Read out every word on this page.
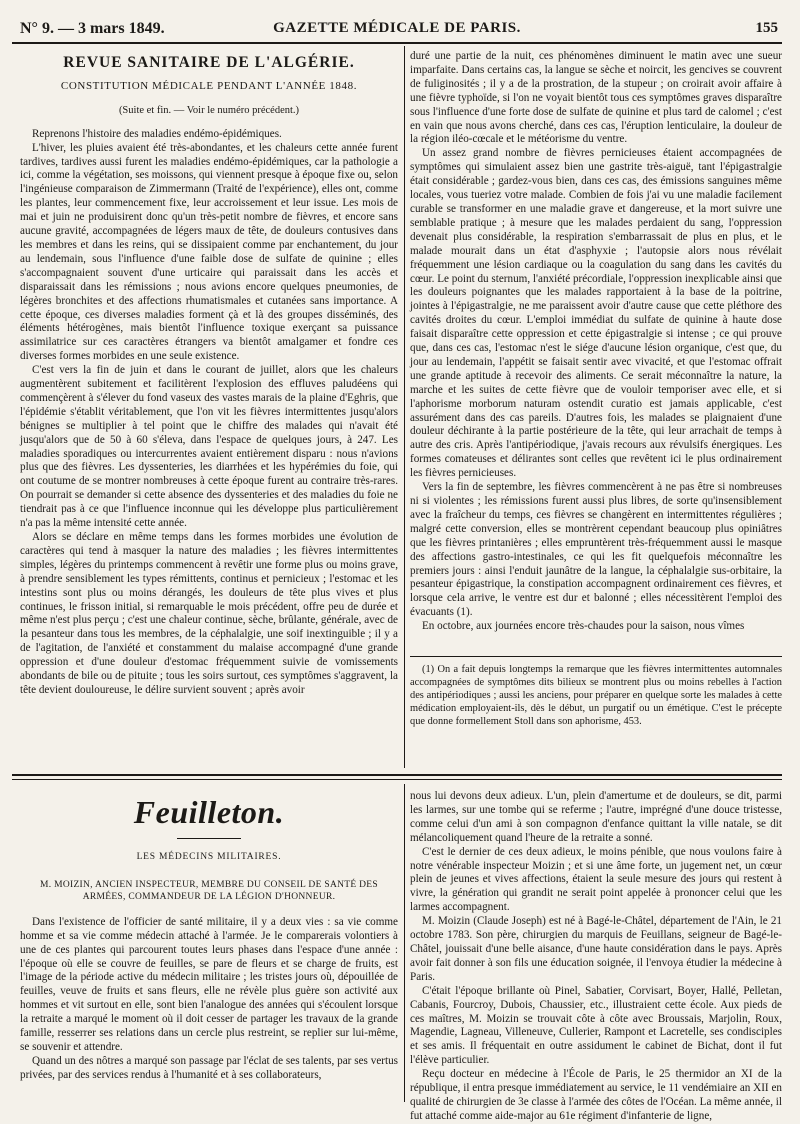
N° 9. — 3 mars 1849.	GAZETTE MÉDICALE DE PARIS.	155
REVUE SANITAIRE DE L'ALGÉRIE.
CONSTITUTION MÉDICALE PENDANT L'ANNÉE 1848.
(Suite et fin. — Voir le numéro précédent.)

Reprenons l'histoire des maladies endémo-épidémiques.

L'hiver, les pluies avaient été très-abondantes, et les chaleurs cette année furent tardives, tardives aussi furent les maladies endémo-épidémiques, car la pathologie a ici, comme la végétation, ses moissons, qui viennent presque à époque fixe ou, selon l'ingénieuse comparaison de Zimmermann (Traité de l'expérience), elles ont, comme les plantes, leur commencement fixe, leur accroissement et leur issue. Les mois de mai et juin ne produisirent donc qu'un très-petit nombre de fièvres, et encore sans aucune gravité, accompagnées de légers maux de tête, de douleurs contusives dans les membres et dans les reins, qui se dissipaient comme par enchantement, du jour au lendemain, sous l'influence d'une faible dose de sulfate de quinine ; elles s'accompagnaient souvent d'une urticaire qui paraissait dans les accès et disparaissait dans les rémissions ; nous avions encore quelques pneumonies, de légères bronchites et des affections rhumatismales et cutanées sans importance. A cette époque, ces diverses maladies forment çà et là des groupes disséminés, des éléments hétérogènes, mais bientôt l'influence toxique exerçant sa puissance assimilatrice sur ces caractères étrangers va bientôt amalgamer et fondre ces diverses formes morbides en une seule existence.

C'est vers la fin de juin et dans le courant de juillet, alors que les chaleurs augmentèrent subitement et facilitèrent l'explosion des effluves paludéens qui commençèrent à s'élever du fond vaseux des vastes marais de la plaine d'Eghris, que l'épidémie s'établit véritablement, que l'on vit les fièvres intermittentes jusqu'alors bénignes se multiplier à tel point que le chiffre des malades qui n'avait été jusqu'alors que de 50 à 60 s'éleva, dans l'espace de quelques jours, à 247. Les maladies sporadiques ou intercurrentes avaient entièrement disparu : nous n'avions plus que des fièvres. Les dyssenteries, les diarrhées et les hypérémies du foie, qui ont coutume de se montrer nombreuses à cette époque furent au contraire très-rares. On pourrait se demander si cette absence des dyssenteries et des maladies du foie ne tiendrait pas à ce que l'influence inconnue qui les développe plus particulièrement n'a pas la même intensité cette année.

Alors se déclare en même temps dans les formes morbides une évolution de caractères qui tend à masquer la nature des maladies ; les fièvres intermittentes simples, légères du printemps commencent à revêtir une forme plus ou moins grave, à prendre sensiblement les types rémittents, continus et pernicieux ; l'estomac et les intestins sont plus ou moins dérangés, les douleurs de tête plus vives et plus continues, le frisson initial, si remarquable le mois précédent, offre peu de durée et même n'est plus perçu ; c'est une chaleur continue, sèche, brûlante, générale, avec de la pesanteur dans tous les membres, de la céphalalgie, une soif inextinguible ; il y a de l'agitation, de l'anxiété et constamment du malaise accompagné d'une grande oppression et d'une douleur d'estomac fréquemment suivie de vomissements abondants de bile ou de pituite ; tous les soirs surtout, ces symptômes s'aggravent, la tête devient douloureuse, le délire survient souvent ; après avoir

duré une partie de la nuit, ces phénomènes diminuent le matin avec une sueur imparfaite. Dans certains cas, la langue se sèche et noircit, les gencives se couvrent de fuliginosités ; il y a de la prostration, de la stupeur ; on croirait avoir affaire à une fièvre typhoïde, si l'on ne voyait bientôt tous ces symptômes graves disparaître sous l'influence d'une forte dose de sulfate de quinine et plus tard de calomel ; c'est en vain que nous avons cherché, dans ces cas, l'éruption lenticulaire, la douleur de la région iléo-cœcale et le météorisme du ventre.

Un assez grand nombre de fièvres pernicieuses étaient accompagnées de symptômes qui simulaient assez bien une gastrite très-aiguë, tant l'épigastralgie était considérable ; gardez-vous bien, dans ces cas, des émissions sanguines même locales, vous tueriez votre malade. Combien de fois j'ai vu une maladie facilement curable se transformer en une maladie grave et dangereuse, et la mort suivre une semblable pratique ; à mesure que les malades perdaient du sang, l'oppression devenait plus considérable, la respiration s'embarrassait de plus en plus, et le malade mourait dans un état d'asphyxie ; l'autopsie alors nous révélait fréquemment une lésion cardiaque ou la coagulation du sang dans les cavités du cœur. Le point du sternum, l'anxiété précordiale, l'oppression inexplicable ainsi que les douleurs poignantes que les malades rapportaient à la base de la poitrine, jointes à l'épigastralgie, ne me paraissent avoir d'autre cause que cette pléthore des cavités droites du cœur. L'emploi immédiat du sulfate de quinine à haute dose faisait disparaître cette oppression et cette épigastralgie si intense ; ce qui prouve que, dans ces cas, l'estomac n'est le siége d'aucune lésion organique, c'est que, du jour au lendemain, l'appétit se faisait sentir avec vivacité, et que l'estomac offrait une grande aptitude à recevoir des aliments. Ce serait méconnaître la nature, la marche et les suites de cette fièvre que de vouloir temporiser avec elle, et si l'aphorisme morborum naturam ostendit curatio est jamais applicable, c'est assurément dans des cas pareils. D'autres fois, les malades se plaignaient d'une douleur déchirante à la partie postérieure de la tête, qui leur arrachait de temps à autre des cris. Après l'antipériodique, j'avais recours aux révulsifs énergiques. Les formes comateuses et délirantes sont celles que revêtent ici le plus ordinairement les fièvres pernicieuses.

Vers la fin de septembre, les fièvres commencèrent à ne pas être si nombreuses ni si violentes ; les rémissions furent aussi plus libres, de sorte qu'insensiblement avec la fraîcheur du temps, ces fièvres se changèrent en intermittentes régulières ; malgré cette conversion, elles se montrèrent cependant beaucoup plus opiniâtres que les fièvres printanières ; elles empruntèrent très-fréquemment aussi le masque des affections gastro-intestinales, ce qui les fit quelquefois méconnaître les premiers jours : ainsi l'enduit jaunâtre de la langue, la céphalalgie sus-orbitaire, la pesanteur épigastrique, la constipation accompagnent ordinairement ces fièvres, et lorsque cela arrive, le ventre est dur et balonné ; elles nécessitèrent l'emploi des évacuants (1).

En octobre, aux journées encore très-chaudes pour la saison, nous vîmes

(1) On a fait depuis longtemps la remarque que les fièvres intermittentes automnales accompagnées de symptômes dits bilieux se montrent plus ou moins rebelles à l'action des antipériodiques ; aussi les anciens, pour préparer en quelque sorte les malades à cette médication employaient-ils, dès le début, un purgatif ou un émétique. C'est le précepte que donne formellement Stoll dans son aphorisme, 453.

Feuilleton.
LES MÉDECINS MILITAIRES.
M. MOIZIN, ANCIEN INSPECTEUR, MEMBRE DU CONSEIL DE SANTÉ DES ARMÉES, COMMANDEUR DE LA LÉGION D'HONNEUR.

Dans l'existence de l'officier de santé militaire, il y a deux vies : sa vie comme homme et sa vie comme médecin attaché à l'armée. Je le comparerais volontiers à une de ces plantes qui parcourent toutes leurs phases dans l'espace d'une année : l'époque où elle se couvre de feuilles, se pare de fleurs et se charge de fruits, est l'image de la période active du médecin militaire ; les tristes jours où, dépouillée de feuilles, veuve de fruits et sans fleurs, elle ne révèle plus guère son activité aux hommes et vit surtout en elle, sont bien l'analogue des années qui s'écoulent lorsque la retraite a marqué le moment où il doit cesser de partager les travaux de la grande famille, resserrer ses relations dans un cercle plus restreint, se replier sur lui-même, se souvenir et attendre.

Quand un des nôtres a marqué son passage par l'éclat de ses talents, par ses vertus privées, par des services rendus à l'humanité et à ses collaborateurs,

nous lui devons deux adieux. L'un, plein d'amertume et de douleurs, se dit, parmi les larmes, sur une tombe qui se referme ; l'autre, imprégné d'une douce tristesse, comme celui d'un ami à son compagnon d'enfance quittant la ville natale, se dit mélancoliquement quand l'heure de la retraite a sonné.

C'est le dernier de ces deux adieux, le moins pénible, que nous voulons faire à notre vénérable inspecteur Moizin ; et si une âme forte, un jugement net, un cœur plein de jeunes et vives affections, étaient la seule mesure des jours qui restent à vivre, la génération qui grandit ne serait point appelée à prononcer celui que les larmes accompagnent.

M. Moizin (Claude Joseph) est né à Bagé-le-Châtel, département de l'Ain, le 21 octobre 1783. Son père, chirurgien du marquis de Feuillans, seigneur de Bagé-le-Châtel, jouissait d'une belle aisance, d'une haute considération dans le pays. Après avoir fait donner à son fils une éducation soignée, il l'envoya étudier la médecine à Paris.

C'était l'époque brillante où Pinel, Sabatier, Corvisart, Boyer, Hallé, Pelletan, Cabanis, Fourcroy, Dubois, Chaussier, etc., illustraient cette école. Aux pieds de ces maîtres, M. Moizin se trouvait côte à côte avec Broussais, Marjolin, Roux, Magendie, Lagneau, Villeneuve, Cullerier, Rampont et Lacretelle, ses condisciples et ses amis. Il fréquentait en outre assidument le cabinet de Bichat, dont il fut l'élève particulier.

Reçu docteur en médecine à l'École de Paris, le 25 thermidor an XI de la république, il entra presque immédiatement au service, le 11 vendémiaire an XII en qualité de chirurgien de 3e classe à l'armée des côtes de l'Océan. La même année, il fut attaché comme aide-major au 61e régiment d'infanterie de ligne,
